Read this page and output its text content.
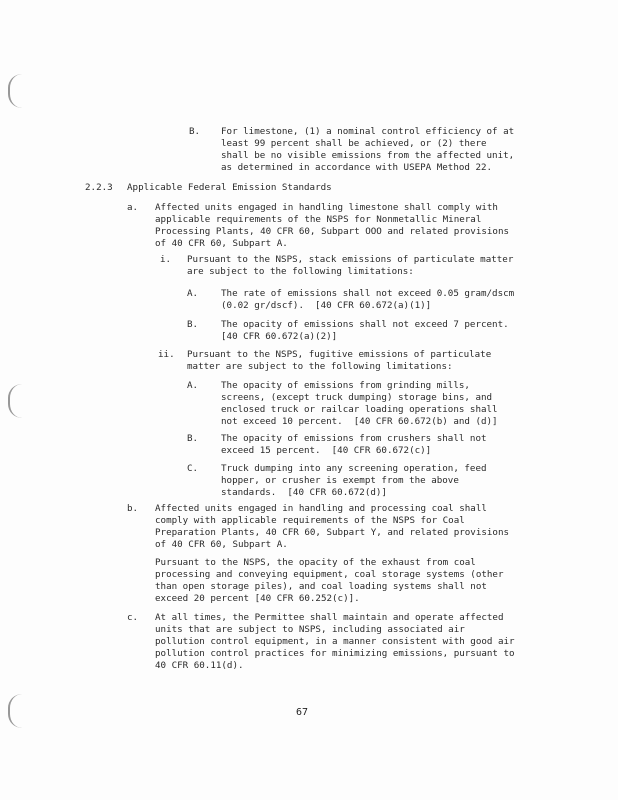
B. For limestone, (1) a nominal control efficiency of at
least 99 percent shall be achieved, or (2) there
shall be no visible emissions from the affected unit,
as determined in accordance with USEPA Method 22.
2.2.3 Applicable Federal Emission Standards
a. Affected units engaged in handling limestone shall comply with
applicable requirements of the NSPS for Nonmetallic Mineral
Processing Plants, 40 CFR 60, Subpart OOO and related provisions
of 40 CFR 60, Subpart A.
i. Pursuant to the NSPS, stack emissions of particulate matter
are subject to the following limitations:
A. The rate of emissions shall not exceed 0.05 gram/dscm
(0.02 gr/dscf).  [40 CFR 60.672(a)(1)]
B. The opacity of emissions shall not exceed 7 percent.
[40 CFR 60.672(a)(2)]
ii. Pursuant to the NSPS, fugitive emissions of particulate
matter are subject to the following limitations:
A. The opacity of emissions from grinding mills,
screens, (except truck dumping) storage bins, and
enclosed truck or railcar loading operations shall
not exceed 10 percent.  [40 CFR 60.672(b) and (d)]
B. The opacity of emissions from crushers shall not
exceed 15 percent.  [40 CFR 60.672(c)]
C. Truck dumping into any screening operation, feed
hopper, or crusher is exempt from the above
standards.  [40 CFR 60.672(d)]
b. Affected units engaged in handling and processing coal shall
comply with applicable requirements of the NSPS for Coal
Preparation Plants, 40 CFR 60, Subpart Y, and related provisions
of 40 CFR 60, Subpart A.
Pursuant to the NSPS, the opacity of the exhaust from coal
processing and conveying equipment, coal storage systems (other
than open storage piles), and coal loading systems shall not
exceed 20 percent [40 CFR 60.252(c)].
c. At all times, the Permittee shall maintain and operate affected
units that are subject to NSPS, including associated air
pollution control equipment, in a manner consistent with good air
pollution control practices for minimizing emissions, pursuant to
40 CFR 60.11(d).
67
